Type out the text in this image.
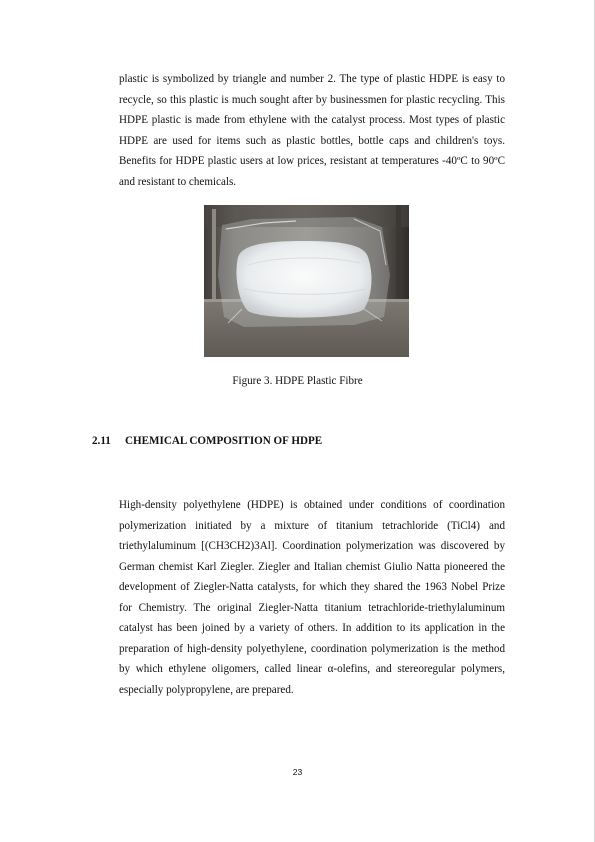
plastic is symbolized by triangle and number 2. The type of plastic HDPE is easy to recycle, so this plastic is much sought after by businessmen for plastic recycling. This HDPE plastic is made from ethylene with the catalyst process. Most types of plastic HDPE are used for items such as plastic bottles, bottle caps and children's toys. Benefits for HDPE plastic users at low prices, resistant at temperatures -40ºC to 90ºC and resistant to chemicals.

Figure 3. HDPE Plastic Fibre

2.11 CHEMICAL COMPOSITION OF HDPE

High-density polyethylene (HDPE) is obtained under conditions of coordination polymerization initiated by a mixture of titanium tetrachloride (TiCl4) and triethylaluminum [(CH3CH2)3Al]. Coordination polymerization was discovered by German chemist Karl Ziegler. Ziegler and Italian chemist Giulio Natta pioneered the development of Ziegler-Natta catalysts, for which they shared the 1963 Nobel Prize for Chemistry. The original Ziegler-Natta titanium tetrachloride-triethylaluminum catalyst has been joined by a variety of others. In addition to its application in the preparation of high-density polyethylene, coordination polymerization is the method by which ethylene oligomers, called linear α-olefins, and stereoregular polymers, especially polypropylene, are prepared.

23
